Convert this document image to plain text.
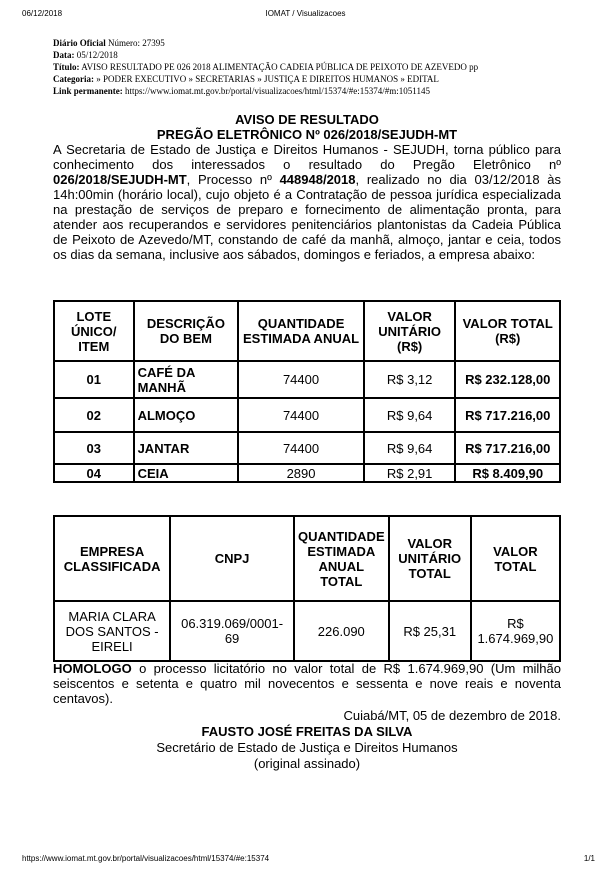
06/12/2018	IOMAT / Visualizacoes
https://www.iomat.mt.gov.br/portal/visualizacoes/html/15374/#e:15374	1/1
Diário Oficial Número: 27395
Data: 05/12/2018
Título: AVISO RESULTADO PE 026 2018 ALIMENTAÇÃO CADEIA PÚBLICA DE PEIXOTO DE AZEVEDO pp
Categoria: » PODER EXECUTIVO » SECRETARIAS » JUSTIÇA E DIREITOS HUMANOS » EDITAL
Link permanente: https://www.iomat.mt.gov.br/portal/visualizacoes/html/15374/#e:15374/#m:1051145
AVISO DE RESULTADO
PREGÃO ELETRÔNICO Nº 026/2018/SEJUDH-MT
A Secretaria de Estado de Justiça e Direitos Humanos - SEJUDH, torna público para conhecimento dos interessados o resultado do Pregão Eletrônico nº 026/2018/SEJUDH-MT, Processo nº 448948/2018, realizado no dia 03/12/2018 às 14h:00min (horário local), cujo objeto é a Contratação de pessoa jurídica especializada na prestação de serviços de preparo e fornecimento de alimentação pronta, para atender aos recuperandos e servidores penitenciários plantonistas da Cadeia Pública de Peixoto de Azevedo/MT, constando de café da manhã, almoço, jantar e ceia, todos os dias da semana, inclusive aos sábados, domingos e feriados, a empresa abaixo:
LOTE ÚNICO/ ITEM	DESCRIÇÃO DO BEM	QUANTIDADE ESTIMADA ANUAL	VALOR UNITÁRIO (R$)	VALOR TOTAL (R$)
01	CAFÉ DA MANHÃ	74400	R$ 3,12	R$ 232.128,00
02	ALMOÇO	74400	R$ 9,64	R$ 717.216,00
03	JANTAR	74400	R$ 9,64	R$ 717.216,00
04	CEIA	2890	R$ 2,91	R$ 8.409,90
EMPRESA CLASSIFICADA	CNPJ	QUANTIDADE ESTIMADA ANUAL TOTAL	VALOR UNITÁRIO TOTAL	VALOR TOTAL
MARIA CLARA DOS SANTOS - EIRELI	06.319.069/0001-69	226.090	R$ 25,31	R$ 1.674.969,90
HOMOLOGO o processo licitatório no valor total de R$ 1.674.969,90 (Um milhão seiscentos e setenta e quatro mil novecentos e sessenta e nove reais e noventa centavos).
Cuiabá/MT, 05 de dezembro de 2018.
FAUSTO JOSÉ FREITAS DA SILVA
Secretário de Estado de Justiça e Direitos Humanos
(original assinado)
